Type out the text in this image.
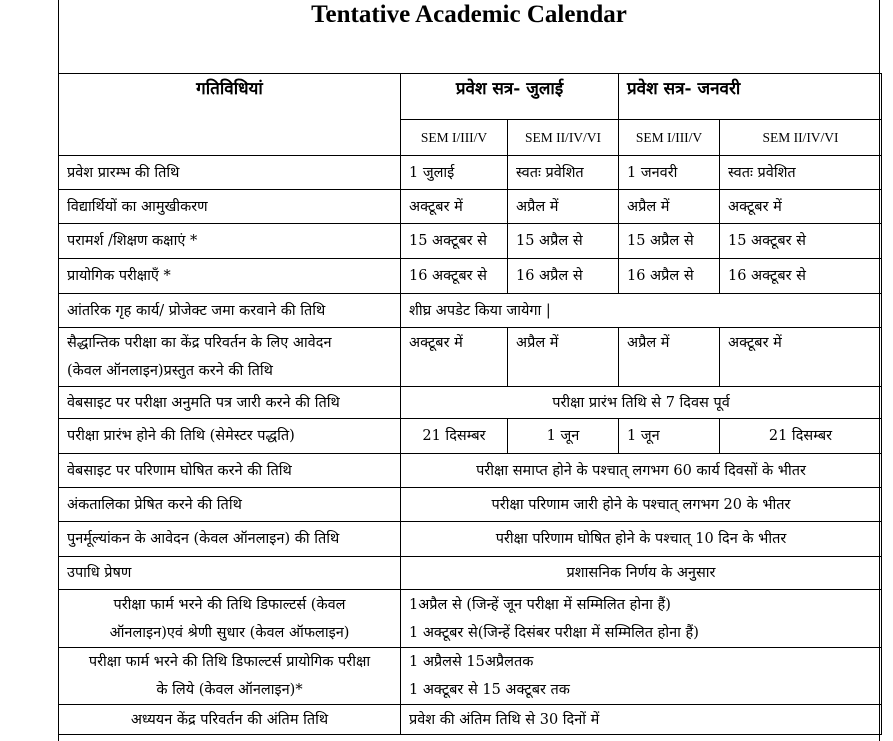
Tentative Academic Calendar
गतिविधियां	प्रवेश सत्र- जुलाई		प्रवेश सत्र- जनवरी	
	SEM I/III/V	SEM II/IV/VI	SEM I/III/V	SEM II/IV/VI
प्रवेश प्रारम्भ की तिथि	1 जुलाई	स्वतः प्रवेशित	1 जनवरी	स्वतः प्रवेशित
विद्यार्थियों का आमुखीकरण	अक्टूबर में	अप्रैल में	अप्रैल में	अक्टूबर में
परामर्श /शिक्षण कक्षाएं *	15 अक्टूबर से	15 अप्रैल से	15 अप्रैल से	15 अक्टूबर से
प्रायोगिक परीक्षाएँ *	16 अक्टूबर से	16 अप्रैल से	16 अप्रैल से	16 अक्टूबर से
आंतरिक गृह कार्य/ प्रोजेक्ट जमा करवाने की तिथि	शीघ्र अपडेट किया जायेगा |			
सैद्धान्तिक परीक्षा का केंद्र परिवर्तन के लिए आवेदन
(केवल ऑनलाइन)प्रस्तुत करने की तिथि	अक्टूबर में	अप्रैल में	अप्रैल में	अक्टूबर में
वेबसाइट पर परीक्षा अनुमति पत्र जारी करने की तिथि	परीक्षा प्रारंभ तिथि से 7 दिवस पूर्व			
परीक्षा प्रारंभ होने की तिथि (सेमेस्टर पद्धति)	21 दिसम्बर	1 जून	1 जून	21 दिसम्बर
वेबसाइट पर परिणाम घोषित करने की तिथि	परीक्षा समाप्त होने के पश्चात् लगभग 60 कार्य दिवसों के भीतर			
अंकतालिका प्रेषित करने की तिथि	परीक्षा परिणाम जारी होने के पश्चात् लगभग 20 के भीतर			
पुनर्मूल्यांकन के आवेदन (केवल ऑनलाइन) की तिथि	परीक्षा परिणाम घोषित होने के पश्चात् 10 दिन के भीतर			
उपाधि प्रेषण	प्रशासनिक निर्णय के अनुसार			
परीक्षा फार्म भरने की तिथि डिफाल्टर्स (केवल
ऑनलाइन)एवं श्रेणी सुधार (केवल ऑफलाइन)	1अप्रैल से (जिन्हें जून परीक्षा में सम्मिलित होना हैं)
1 अक्टूबर से(जिन्हें दिसंबर परीक्षा में सम्मिलित होना हैं)			
परीक्षा फार्म भरने की तिथि डिफाल्टर्स प्रायोगिक परीक्षा
के लिये (केवल ऑनलाइन)*	1 अप्रैलसे 15अप्रैलतक
1 अक्टूबर से 15 अक्टूबर तक			
अध्ययन केंद्र परिवर्तन की अंतिम तिथि	प्रवेश की अंतिम तिथि से 30 दिनों में			
